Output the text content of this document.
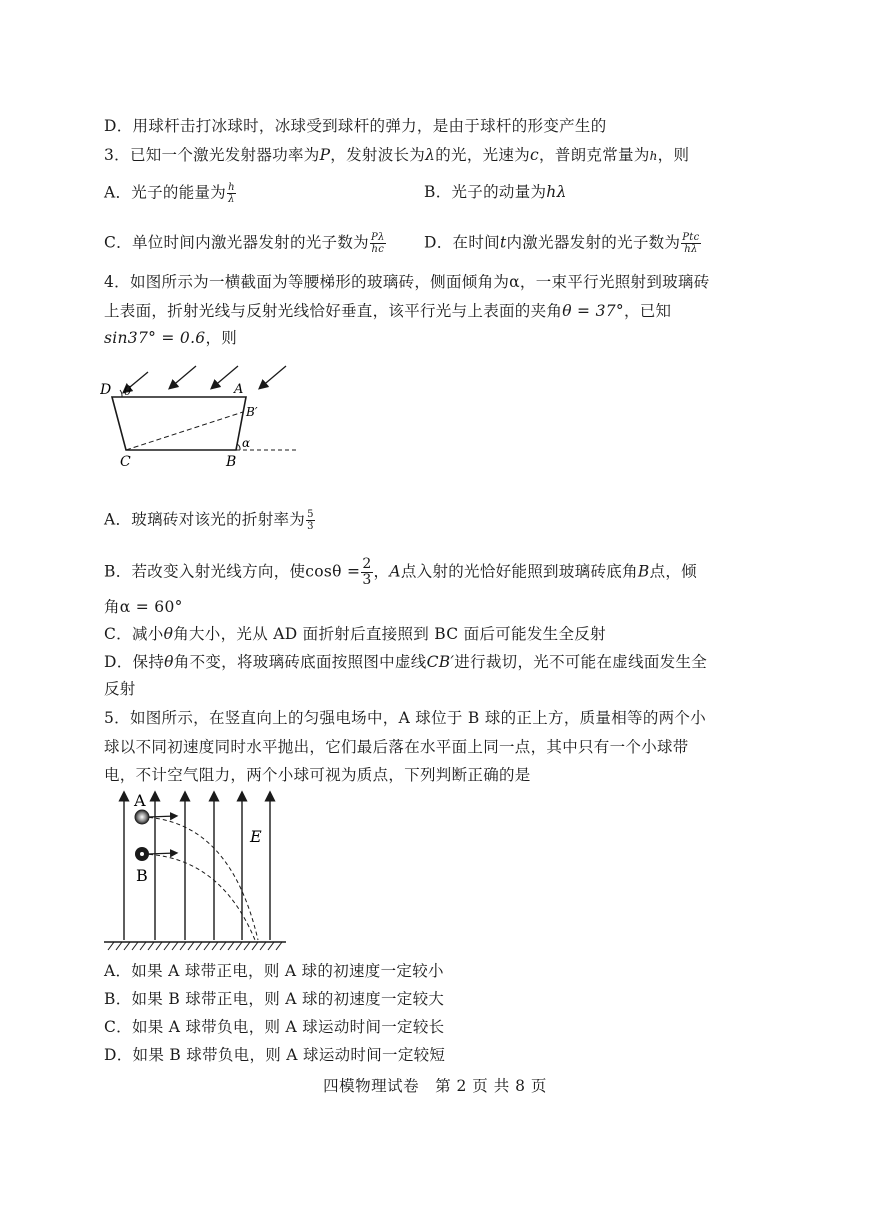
D．用球杆击打冰球时，冰球受到球杆的弹力，是由于球杆的形变产生的
3．已知一个激光发射器功率为P，发射波长为λ的光，光速为c，普朗克常量为h，则
A．光子的能量为 $\frac{h}{\lambda}$	B．光子的动量为hλ
C．单位时间内激光器发射的光子数为 $\frac{P\lambda}{hc}$ D．在时间t内激光器发射的光子数为 $\frac{\text{Ptc}}{h\lambda}$
4．如图所示为一横截面为等腰梯形的玻璃砖，侧面倾角为α，一束平行光照射到玻璃砖
上表面，折射光线与反射光线恰好垂直，该平行光与上表面的夹角θ = 37°，已知
sin37° = 0.6，则
D θ	A
B′
α
C	B
A．玻璃砖对该光的折射率为 $\frac{5}{3}$
B．若改变入射光线方向，使$\cos\theta = \frac{2}{3}$ ，A点入射的光恰好能照到玻璃砖底角B点，倾
角α = 60°
C．减小θ角大小，光从 AD 面折射后直接照到 BC 面后可能发生全反射
D．保持θ角不变，将玻璃砖底面按照图中虚线CB′进行裁切，光不可能在虚线面发生全
反射
5．如图所示，在竖直向上的匀强电场中，A 球位于 B 球的正上方，质量相等的两个小
球以不同初速度同时水平抛出，它们最后落在水平面上同一点，其中只有一个小球带
电，不计空气阻力，两个小球可视为质点，下列判断正确的是
A
B
E
A．如果 A 球带正电，则 A 球的初速度一定较小
B．如果 B 球带正电，则 A 球的初速度一定较大
C．如果 A 球带负电，则 A 球运动时间一定较长
D．如果 B 球带负电，则 A 球运动时间一定较短
四模物理试卷　第 2 页 共 8 页
